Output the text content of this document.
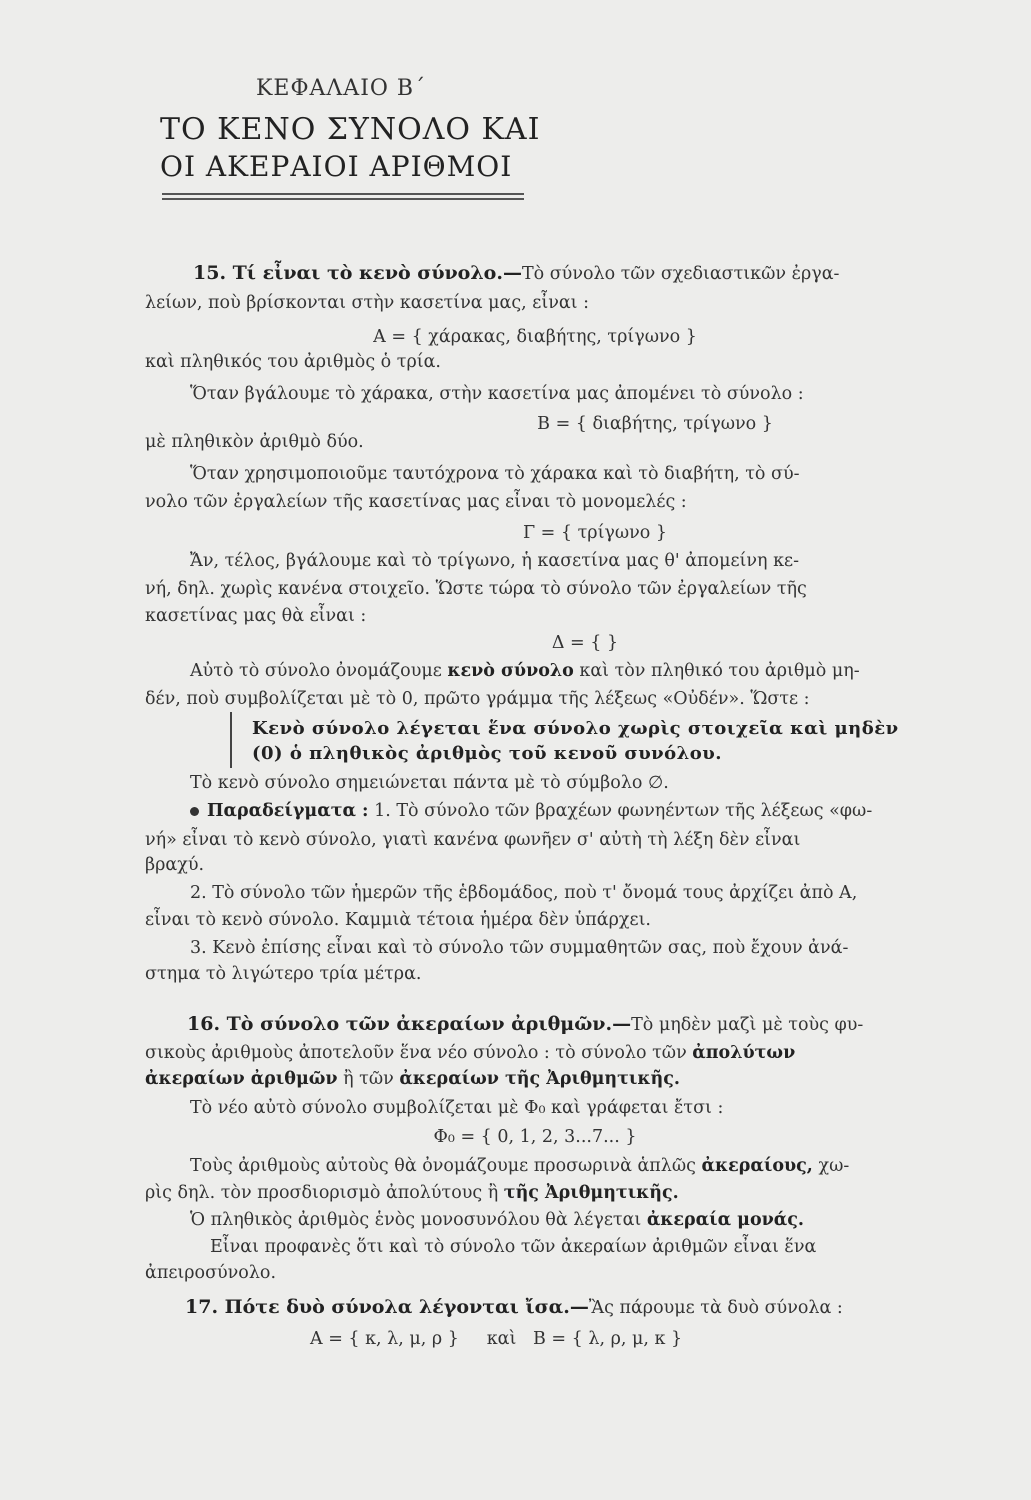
ΚΕΦΑΛΑΙΟ Β΄
ΤΟ ΚΕΝΟ ΣΥΝΟΛΟ ΚΑΙ
ΟΙ ΑΚΕΡΑΙΟΙ ΑΡΙΘΜΟΙ
15. Τί εἶναι τὸ κενὸ σύνολο.—Τὸ σύνολο τῶν σχεδιαστικῶν ἐργα-
λείων, ποὺ βρίσκονται στὴν κασετίνα μας, εἶναι :
Α = { χάρακας, διαβήτης, τρίγωνο }
καὶ πληθικός του ἀριθμὸς ὁ τρία.
Ὅταν βγάλουμε τὸ χάρακα, στὴν κασετίνα μας ἀπομένει τὸ σύνολο :
Β = { διαβήτης, τρίγωνο }
μὲ πληθικὸν ἀριθμὸ δύο.
Ὅταν χρησιμοποιοῦμε ταυτόχρονα τὸ χάρακα καὶ τὸ διαβήτη, τὸ σύ-
νολο τῶν ἐργαλείων τῆς κασετίνας μας εἶναι τὸ μονομελές :
Γ = { τρίγωνο }
Ἄν, τέλος, βγάλουμε καὶ τὸ τρίγωνο, ἡ κασετίνα μας θ' ἀπομείνη κε-
νή, δηλ. χωρὶς κανένα στοιχεῖο. Ὥστε τώρα τὸ σύνολο τῶν ἐργαλείων τῆς
κασετίνας μας θὰ εἶναι :
Δ = { }
Αὐτὸ τὸ σύνολο ὀνομάζουμε κενὸ σύνολο καὶ τὸν πληθικό του ἀριθμὸ μη-
δέν, ποὺ συμβολίζεται μὲ τὸ 0, πρῶτο γράμμα τῆς λέξεως «Οὐδέν». Ὥστε :
Κενὸ σύνολο λέγεται ἕνα σύνολο χωρὶς στοιχεῖα καὶ μηδὲν
(0) ὁ πληθικὸς ἀριθμὸς τοῦ κενοῦ συνόλου.
Τὸ κενὸ σύνολο σημειώνεται πάντα μὲ τὸ σύμβολο ∅.
Παραδείγματα : 1. Τὸ σύνολο τῶν βραχέων φωνηέντων τῆς λέξεως «φω-
νή» εἶναι τὸ κενὸ σύνολο, γιατὶ κανένα φωνῆεν σ' αὐτὴ τὴ λέξη δὲν εἶναι
βραχύ.
2. Τὸ σύνολο τῶν ἡμερῶν τῆς ἑβδομάδος, ποὺ τ' ὄνομά τους ἀρχίζει ἀπὸ Α,
εἶναι τὸ κενὸ σύνολο. Καμμιὰ τέτοια ἡμέρα δὲν ὑπάρχει.
3. Κενὸ ἐπίσης εἶναι καὶ τὸ σύνολο τῶν συμμαθητῶν σας, ποὺ ἔχουν ἀνά-
στημα τὸ λιγώτερο τρία μέτρα.
16. Τὸ σύνολο τῶν ἀκεραίων ἀριθμῶν.—Τὸ μηδὲν μαζὶ μὲ τοὺς φυ-
σικοὺς ἀριθμοὺς ἀποτελοῦν ἕνα νέο σύνολο : τὸ σύνολο τῶν ἀπολύτων
ἀκεραίων ἀριθμῶν ἢ τῶν ἀκεραίων τῆς Ἀριθμητικῆς.
Τὸ νέο αὐτὸ σύνολο συμβολίζεται μὲ Φ₀ καὶ γράφεται ἔτσι :
Φ₀ = { 0, 1, 2, 3...7... }
Τοὺς ἀριθμοὺς αὐτοὺς θὰ ὀνομάζουμε προσωρινὰ ἁπλῶς ἀκεραίους, χω-
ρὶς δηλ. τὸν προσδιορισμὸ ἀπολύτους ἢ τῆς Ἀριθμητικῆς.
Ὁ πληθικὸς ἀριθμὸς ἑνὸς μονοσυνόλου θὰ λέγεται ἀκεραία μονάς.
Εἶναι προφανὲς ὅτι καὶ τὸ σύνολο τῶν ἀκεραίων ἀριθμῶν εἶναι ἕνα
ἀπειροσύνολο.
17. Πότε δυὸ σύνολα λέγονται ἴσα.—Ἂς πάρουμε τὰ δυὸ σύνολα :
Α = { κ, λ, μ, ρ }     καὶ   Β = { λ, ρ, μ, κ }
